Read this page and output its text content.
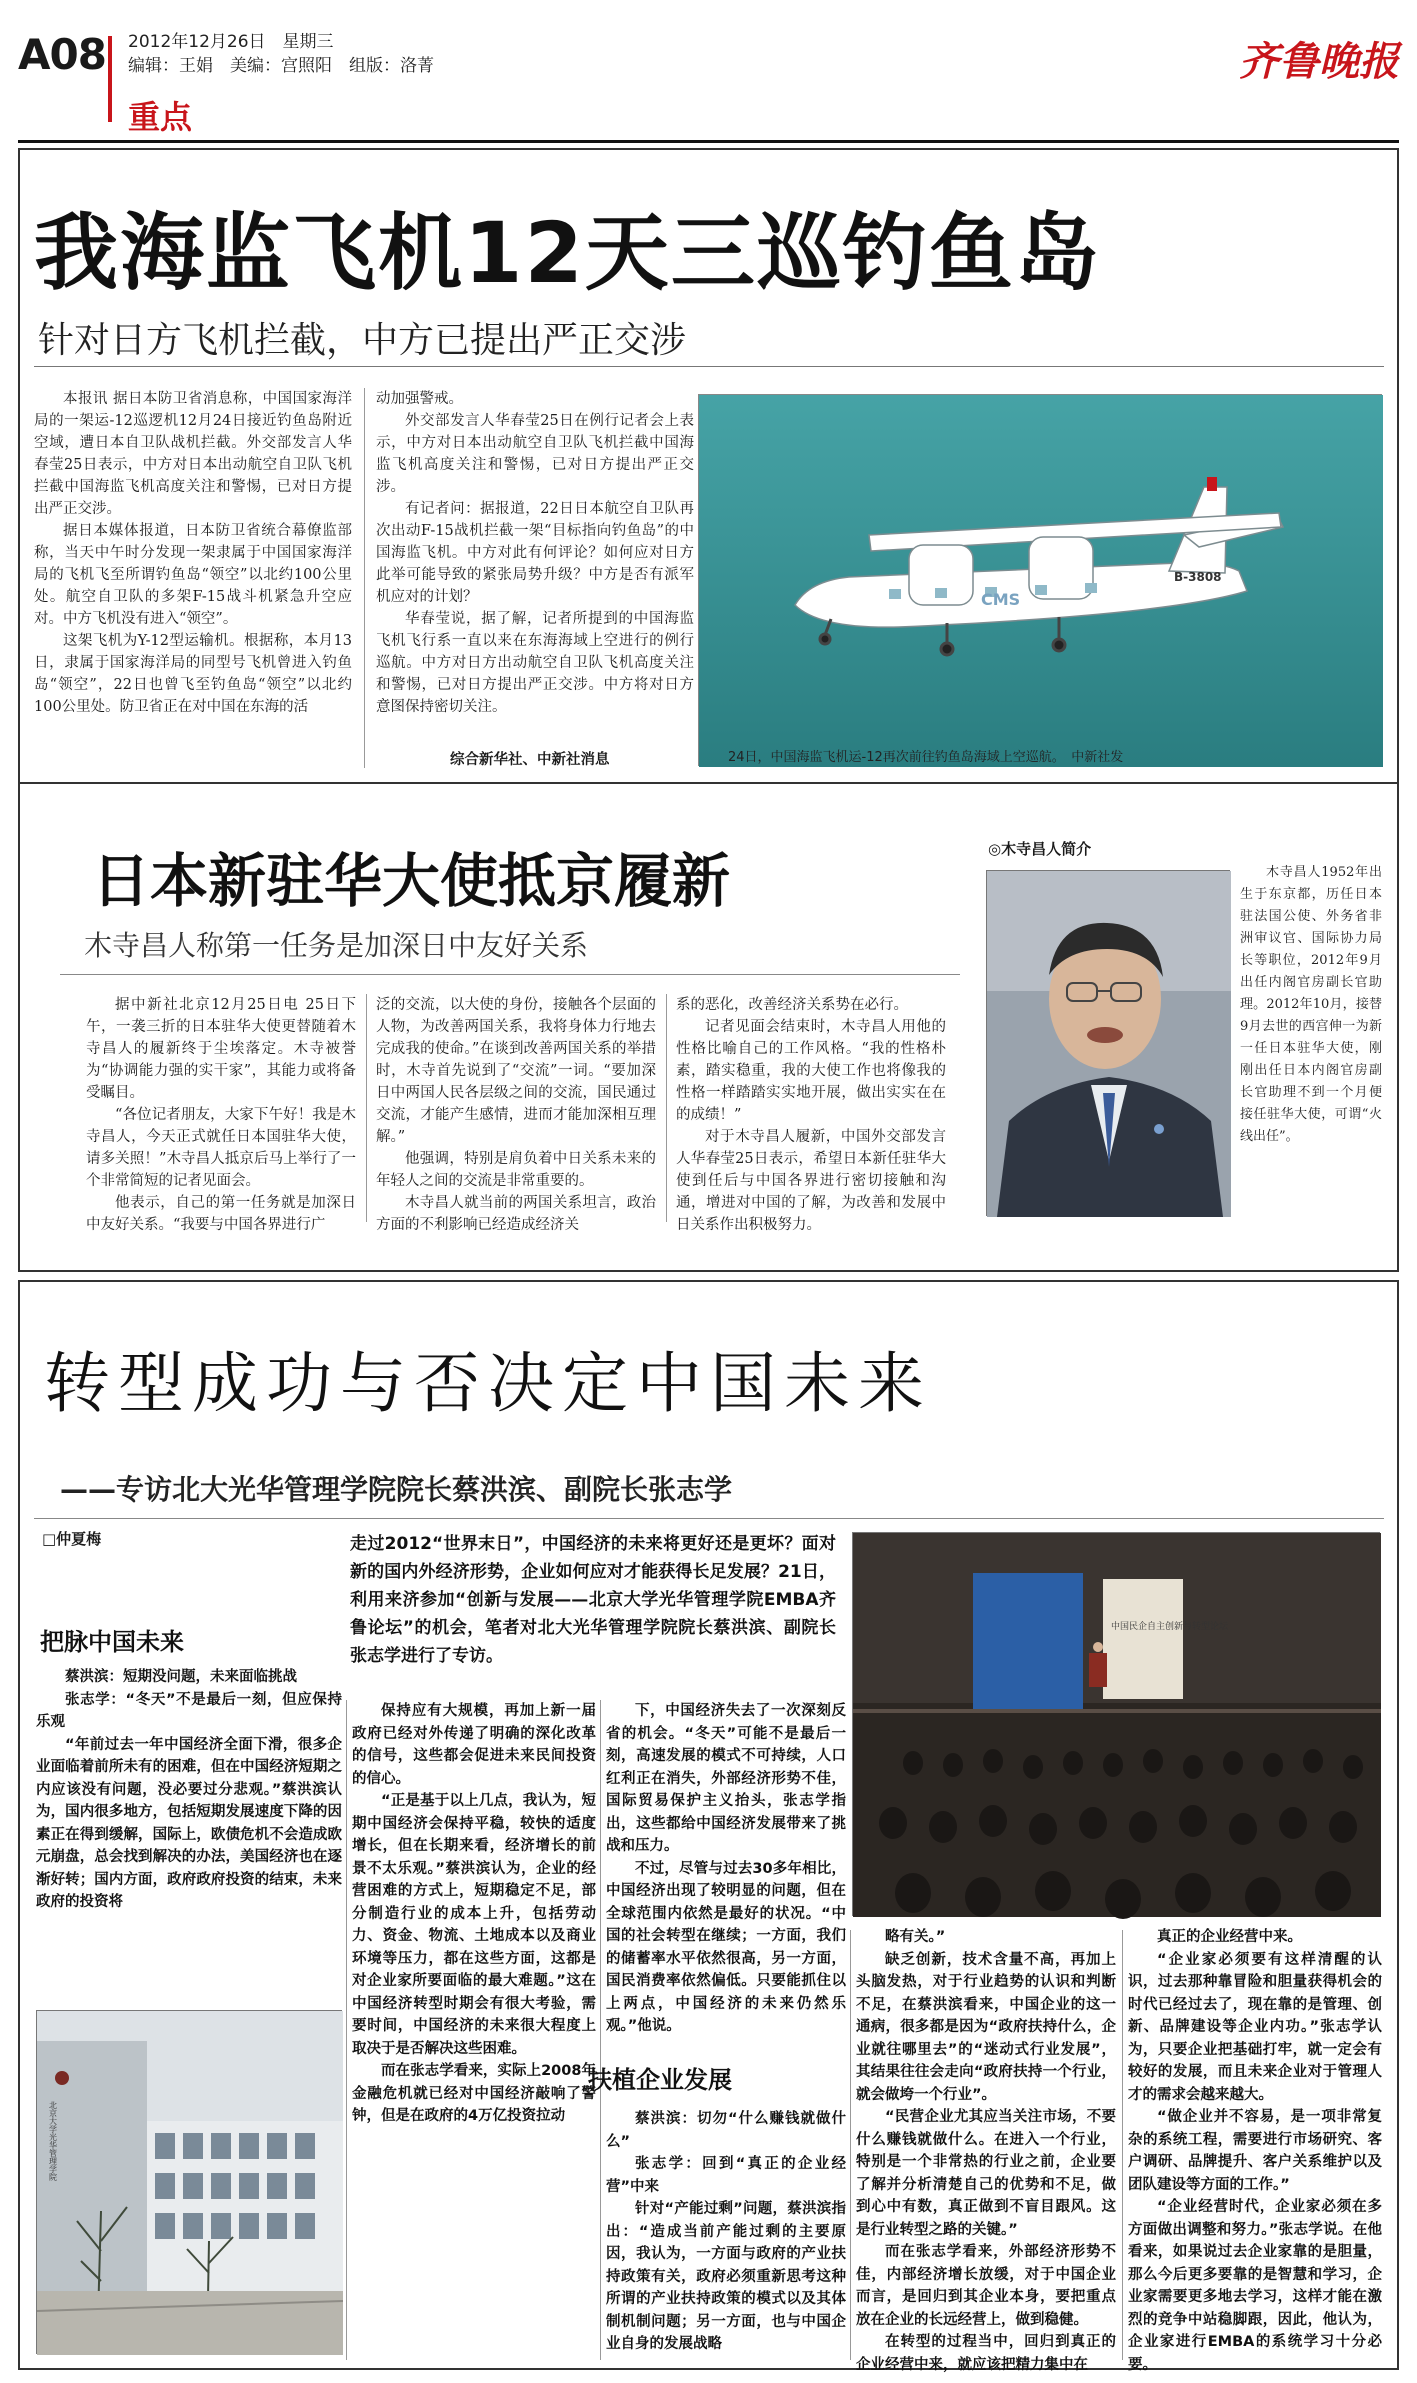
A08 2012年12月26日　 星期三
编辑：王娟　美编：宫照阳　组版：洛菁
重点
齐鲁晚报
我海监飞机12天三巡钓鱼岛
针对日方飞机拦截，中方已提出严正交涉

本报讯 据日本防卫省消息称，中国国家海洋局的一架运-12巡逻机12月24日接近钓鱼岛附近空域，遭日本自卫队战机拦截。外交部发言人华春莹25日表示，中方对日本出动航空自卫队飞机拦截中国海监飞机高度关注和警惕，已对日方提出严正交涉。

据日本媒体报道，日本防卫省统合幕僚监部称，当天中午时分发现一架隶属于中国国家海洋局的飞机飞至所谓钓鱼岛“领空”以北约100公里处。航空自卫队的多架F-15战斗机紧急升空应对。中方飞机没有进入“领空”。

这架飞机为Y-12型运输机。根据称，本月13日，隶属于国家海洋局的同型号飞机曾进入钓鱼岛“领空”，22日也曾飞至钓鱼岛“领空”以北约100公里处。防卫省正在对中国在东海的活

动加强警戒。

外交部发言人华春莹25日在例行记者会上表示，中方对日本出动航空自卫队飞机拦截中国海监飞机高度关注和警惕，已对日方提出严正交涉。

有记者问：据报道，22日日本航空自卫队再次出动F-15战机拦截一架“目标指向钓鱼岛”的中国海监飞机。中方对此有何评论？如何应对日方此举可能导致的紧张局势升级？中方是否有派军机应对的计划？

华春莹说，据了解，记者所提到的中国海监飞机飞行系一直以来在东海海域上空进行的例行巡航。中方对日方出动航空自卫队飞机高度关注和警惕，已对日方提出严正交涉。中方将对日方意图保持密切关注。

综合新华社、中新社消息
CMS
B-3808
24日，中国海监飞机运-12再次前往钓鱼岛海域上空巡航。　中新社发
日本新驻华大使抵京履新
木寺昌人称第一任务是加深日中友好关系

据中新社北京12月25日电 25日下午，一袭三折的日本驻华大使更替随着木寺昌人的履新终于尘埃落定。木寺被誉为“协调能力强的实干家”，其能力或将备受瞩目。

“各位记者朋友，大家下午好！我是木寺昌人，今天正式就任日本国驻华大使，请多关照！”木寺昌人抵京后马上举行了一个非常简短的记者见面会。

他表示，自己的第一任务就是加深日中友好关系。“我要与中国各界进行广

泛的交流，以大使的身份，接触各个层面的人物，为改善两国关系，我将身体力行地去完成我的使命。”在谈到改善两国关系的举措时，木寺首先说到了“交流”一词。“要加深日中两国人民各层级之间的交流，国民通过交流，才能产生感情，进而才能加深相互理解。”

他强调，特别是肩负着中日关系未来的年轻人之间的交流是非常重要的。

木寺昌人就当前的两国关系坦言，政治方面的不利影响已经造成经济关

系的恶化，改善经济关系势在必行。

记者见面会结束时，木寺昌人用他的性格比喻自己的工作风格。“我的性格朴素，踏实稳重，我的大使工作也将像我的性格一样踏踏实实地开展，做出实实在在的成绩！”

对于木寺昌人履新，中国外交部发言人华春莹25日表示，希望日本新任驻华大使到任后与中国各界进行密切接触和沟通，增进对中国的了解，为改善和发展中日关系作出积极努力。

◎木寺昌人简介

木寺昌人1952年出生于东京都，历任日本驻法国公使、外务省非洲审议官、国际协力局长等职位，2012年9月出任内阁官房副长官助理。2012年10月，接替9月去世的西宫伸一为新一任日本驻华大使，刚刚出任日本内阁官房副长官助理不到一个月便接任驻华大使，可谓“火线出任”。

转型成功与否决定中国未来
——专访北大光华管理学院院长蔡洪滨、副院长张志学
□仲夏梅	走过2012“世界末日”，中国经济的未来将更好还是更坏？面对新的国内外经济形势，企业如何应对才能获得长足发展？21日，利用来济参加“创新与发展——北京大学光华管理学院EMBA齐鲁论坛”的机会，笔者对北大光华管理学院院长蔡洪滨、副院长张志学进行了专访。
把脉中国未来
中国民企自主创新与转型论坛

蔡洪滨：短期没问题，未来面临挑战

张志学：“冬天”不是最后一刻，但应保持乐观

“年前过去一年中国经济全面下滑，很多企业面临着前所未有的困难，但在中国经济短期之内应该没有问题，没必要过分悲观。”蔡洪滨认为，国内很多地方，包括短期发展速度下降的因素正在得到缓解，国际上，欧债危机不会造成欧元崩盘，总会找到解决的办法，美国经济也在逐渐好转；国内方面，政府政府投资的结束，未来政府的投资将

保持应有大规模，再加上新一届政府已经对外传递了明确的深化改革的信号，这些都会促进未来民间投资的信心。

“正是基于以上几点，我认为，短期中国经济会保持平稳，较快的适度增长，但在长期来看，经济增长的前景不太乐观。”蔡洪滨认为，企业的经营困难的方式上，短期稳定不足，部分制造行业的成本上升，包括劳动力、资金、物流、土地成本以及商业环境等压力，都在这些方面，这都是对企业家所要面临的最大难题。”这在中国经济转型时期会有很大考验，需要时间，中国经济的未来很大程度上取决于是否解决这些困难。

而在张志学看来，实际上2008年金融危机就已经对中国经济敲响了警钟，但是在政府的4万亿投资拉动

下，中国经济失去了一次深刻反省的机会。“冬天”可能不是最后一刻，高速发展的模式不可持续，人口红利正在消失，外部经济形势不佳，国际贸易保护主义抬头，张志学指出，这些都给中国经济发展带来了挑战和压力。

不过，尽管与过去30多年相比，中国经济出现了较明显的问题，但在全球范围内依然是最好的状况。“中国的社会转型在继续；一方面，我们的储蓄率水平依然很高，另一方面，国民消费率依然偏低。只要能抓住以上两点，中国经济的未来仍然乐观。”他说。

扶植企业发展

蔡洪滨：切勿“什么赚钱就做什么”

张志学：回到“真正的企业经营”中来

针对“产能过剩”问题，蔡洪滨指出：“造成当前产能过剩的主要原因，我认为，一方面与政府的产业扶持政策有关，政府必须重新思考这种所谓的产业扶持政策的模式以及其体制机制问题；另一方面，也与中国企业自身的发展战略

略有关。”

缺乏创新，技术含量不高，再加上头脑发热，对于行业趋势的认识和判断不足，在蔡洪滨看来，中国企业的这一通病，很多都是因为“政府扶持什么，企业就往哪里去”的“迷动式行业发展”，其结果往往会走向“政府扶持一个行业，就会做垮一个行业”。

“民营企业尤其应当关注市场，不要什么赚钱就做什么。在进入一个行业，特别是一个非常热的行业之前，企业要了解并分析清楚自己的优势和不足，做到心中有数，真正做到不盲目跟风。这是行业转型之路的关键。”

而在张志学看来，外部经济形势不佳，内部经济增长放缓，对于中国企业而言，是回归到其企业本身，要把重点放在企业的长远经营上，做到稳健。

在转型的过程当中，回归到真正的企业经营中来，就应该把精力集中在

真正的企业经营中来。

“企业家必须要有这样清醒的认识，过去那种靠冒险和胆量获得机会的时代已经过去了，现在靠的是管理、创新、品牌建设等企业内功。”张志学认为，只要企业把基础打牢，就一定会有较好的发展，而且未来企业对于管理人才的需求会越来越大。

“做企业并不容易，是一项非常复杂的系统工程，需要进行市场研究、客户调研、品牌提升、客户关系维护以及团队建设等方面的工作。”

“企业经营时代，企业家必须在多方面做出调整和努力。”张志学说。在他看来，如果说过去企业家靠的是胆量，那么今后更多要靠的是智慧和学习，企业家需要更多地去学习，这样才能在激烈的竞争中站稳脚跟，因此，他认为，企业家进行EMBA的系统学习十分必要。

北京大学光华管理学院
